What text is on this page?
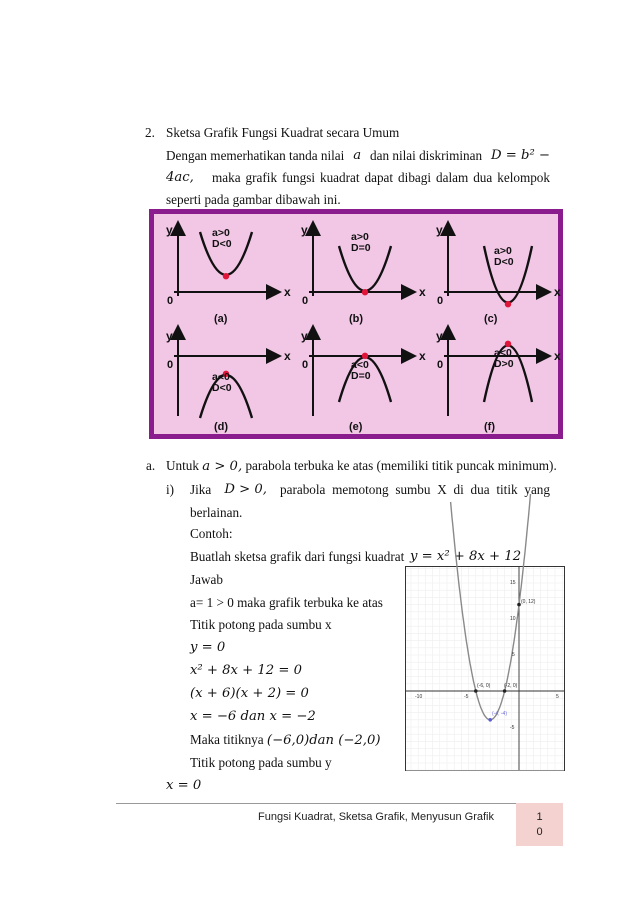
2. Sketsa Grafik Fungsi Kuadrat secara Umum
Dengan memerhatikan tanda nilai a dan nilai diskriminan D = b² −
4ac, maka grafik fungsi kuadrat dapat dibagi dalam dua kelompok
seperti pada gambar dibawah ini.
y
x
0
a>0
D<0
(a)
y
x
0
a>0
D=0
(b)
y
x
0
a>0
D<0
(c)
y
x
0
a<0
D<0
(d)
y
x
0	a<0
D=0
(e)
y
x
0
a<0
D>0
(f)
a. Untuk a > 0, parabola terbuka ke atas (memiliki titik puncak minimum).
i) Jika D > 0, parabola memotong sumbu X di dua titik yang
berlainan.
Contoh:
Buatlah sketsa grafik dari fungsi kuadrat y = x² + 8x + 12
Jawab
a= 1 > 0 maka grafik terbuka ke atas
Titik potong pada sumbu x
y = 0
x² + 8x + 12 = 0
(x + 6)(x + 2) = 0
x = −6 dan x = −2
Maka titiknya (−6,0)dan (−2,0)
Titik potong pada sumbu y
x = 0
-10	-5	5
15
10
5
-5
(0, 12)
(-6, 0)	(-2, 0)
(-4, -4)
Fungsi Kuadrat, Sketsa Grafik, Menyusun Grafik	1
0
